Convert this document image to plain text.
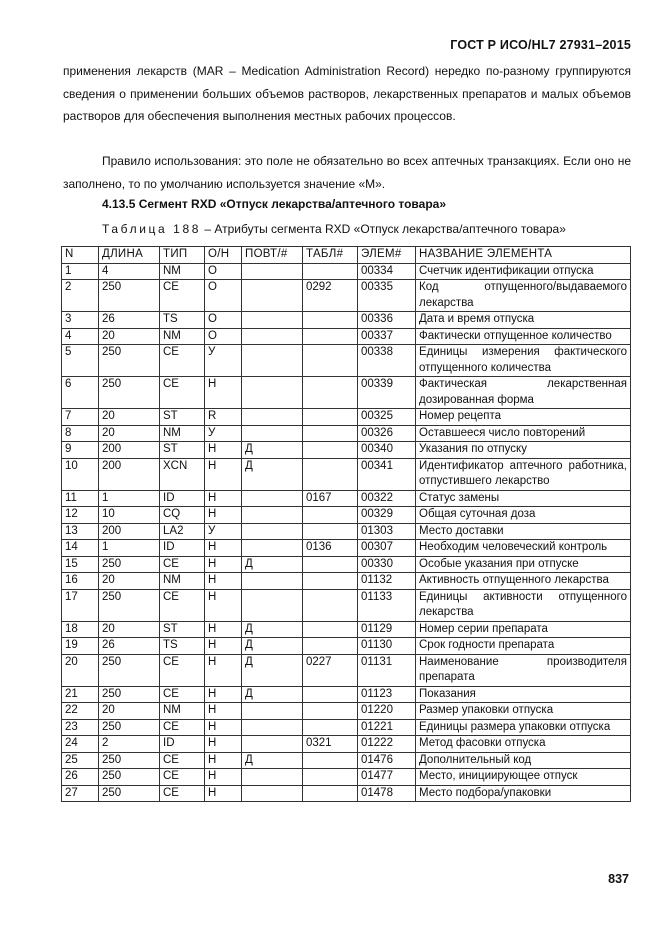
ГОСТ Р ИСО/HL7 27931–2015
применения лекарств (MAR – Medication Administration Record) нередко по-разному группируются сведения о применении больших объемов растворов, лекарственных препаратов и малых объемов растворов для обеспечения выполнения местных рабочих процессов.
Правило использования: это поле не обязательно во всех аптечных транзакциях. Если оно не заполнено, то по умолчанию используется значение «М».
4.13.5 Сегмент RXD «Отпуск лекарства/аптечного товара»
Таблица 188 – Атрибуты сегмента RXD «Отпуск лекарства/аптечного товара»
N	ДЛИНА	ТИП	О/Н	ПОВТ/#	ТАБЛ#	ЭЛЕМ#	НАЗВАНИЕ ЭЛЕМЕНТА
1	4	NM	О			00334	Счетчик идентификации отпуска
2	250	CE	О		0292	00335	Код отпущенного/выдаваемого лекарства
3	26	TS	О			00336	Дата и время отпуска
4	20	NM	О			00337	Фактически отпущенное количество
5	250	CE	У			00338	Единицы измерения фактического отпущенного количества
6	250	CE	Н			00339	Фактическая лекарственная дозированная форма
7	20	ST	R			00325	Номер рецепта
8	20	NM	У			00326	Оставшееся число повторений
9	200	ST	Н	Д		00340	Указания по отпуску
10	200	XCN	Н	Д		00341	Идентификатор аптечного работника, отпустившего лекарство
11	1	ID	Н		0167	00322	Статус замены
12	10	CQ	Н			00329	Общая суточная доза
13	200	LA2	У			01303	Место доставки
14	1	ID	Н		0136	00307	Необходим человеческий контроль
15	250	CE	Н	Д		00330	Особые указания при отпуске
16	20	NM	Н			01132	Активность отпущенного лекарства
17	250	CE	Н			01133	Единицы активности отпущенного лекарства
18	20	ST	Н	Д		01129	Номер серии препарата
19	26	TS	Н	Д		01130	Срок годности препарата
20	250	CE	Н	Д	0227	01131	Наименование производителя препарата
21	250	CE	Н	Д		01123	Показания
22	20	NM	Н			01220	Размер упаковки отпуска
23	250	CE	Н			01221	Единицы размера упаковки отпуска
24	2	ID	Н		0321	01222	Метод фасовки отпуска
25	250	CE	Н	Д		01476	Дополнительный код
26	250	CE	Н			01477	Место, инициирующее отпуск
27	250	CE	Н			01478	Место подбора/упаковки
837
